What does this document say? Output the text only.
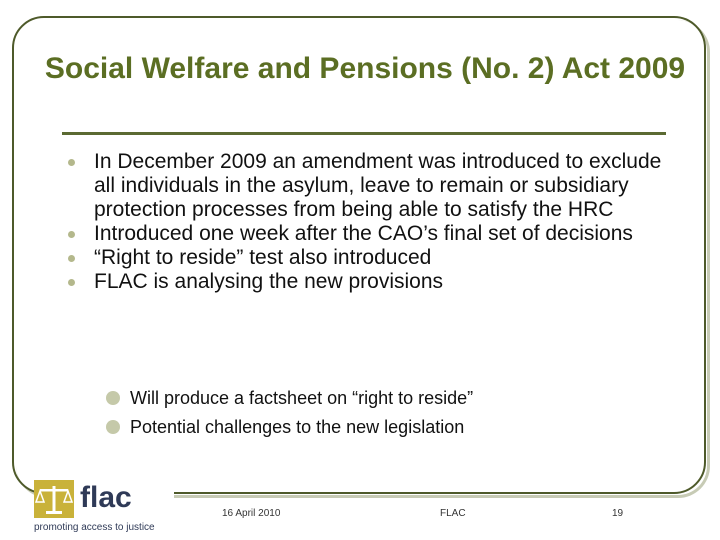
Social Welfare and Pensions (No. 2) Act 2009
In December 2009 an amendment was introduced to exclude all individuals in the asylum, leave to remain or subsidiary protection processes from being able to satisfy the HRC
Introduced one week after the CAO’s final set of decisions
“Right to reside” test also introduced
FLAC is analysing the new provisions
Will produce a factsheet on “right to reside”
Potential challenges to the new legislation
flac
promoting access to justice
16 April 2010	FLAC	19
